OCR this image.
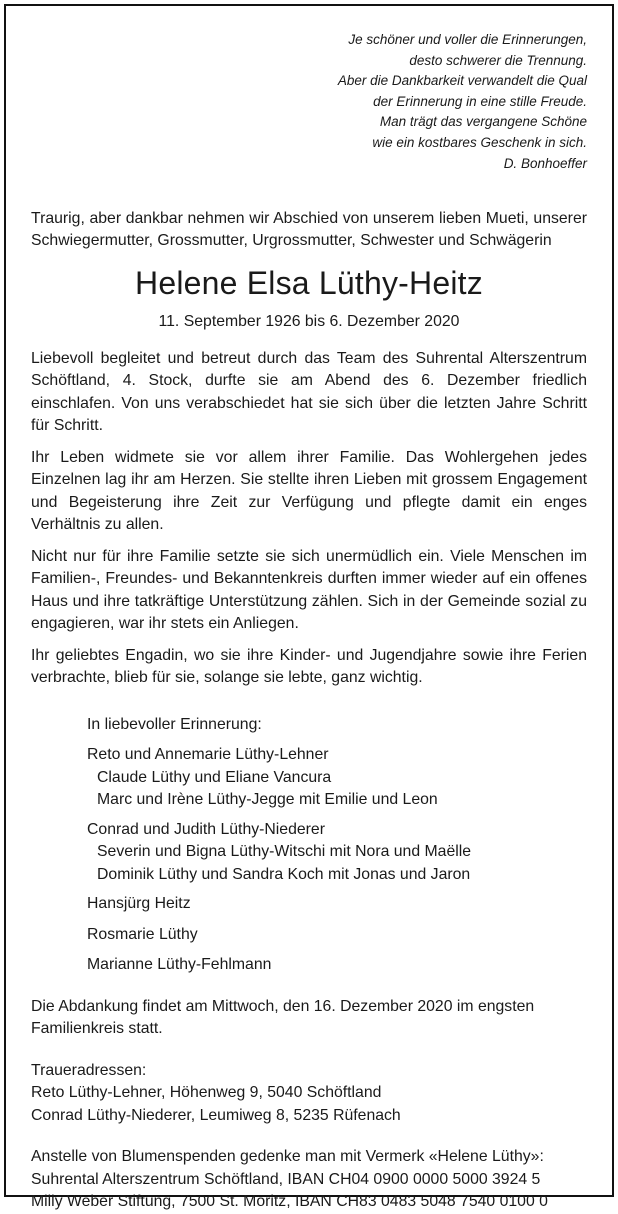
Je schöner und voller die Erinnerungen,
desto schwerer die Trennung.
Aber die Dankbarkeit verwandelt die Qual
der Erinnerung in eine stille Freude.
Man trägt das vergangene Schöne
wie ein kostbares Geschenk in sich.
D. Bonhoeffer
Traurig, aber dankbar nehmen wir Abschied von unserem lieben Mueti, unserer Schwiegermutter, Grossmutter, Urgrossmutter, Schwester und Schwägerin
Helene Elsa Lüthy-Heitz
11. September 1926 bis 6. Dezember 2020

Liebevoll begleitet und betreut durch das Team des Suhrental Alterszentrum Schöftland, 4. Stock, durfte sie am Abend des 6. Dezember friedlich einschlafen. Von uns verabschiedet hat sie sich über die letzten Jahre Schritt für Schritt.

Ihr Leben widmete sie vor allem ihrer Familie. Das Wohlergehen jedes Einzelnen lag ihr am Herzen. Sie stellte ihren Lieben mit grossem Engagement und Begeisterung ihre Zeit zur Verfügung und pflegte damit ein enges Verhältnis zu allen.

Nicht nur für ihre Familie setzte sie sich unermüdlich ein. Viele Menschen im Familien-, Freundes- und Bekanntenkreis durften immer wieder auf ein offenes Haus und ihre tatkräftige Unterstützung zählen. Sich in der Gemeinde sozial zu engagieren, war ihr stets ein Anliegen.

Ihr geliebtes Engadin, wo sie ihre Kinder- und Jugendjahre sowie ihre Ferien verbrachte, blieb für sie, solange sie lebte, ganz wichtig.

In liebevoller Erinnerung:
Reto und Annemarie Lüthy-Lehner
Claude Lüthy und Eliane Vancura
Marc und Irène Lüthy-Jegge mit Emilie und Leon
Conrad und Judith Lüthy-Niederer
Severin und Bigna Lüthy-Witschi mit Nora und Maëlle
Dominik Lüthy und Sandra Koch mit Jonas und Jaron
Hansjürg Heitz
Rosmarie Lüthy
Marianne Lüthy-Fehlmann
Die Abdankung findet am Mittwoch, den 16. Dezember 2020 im engsten Familienkreis statt.
Traueradressen:
Reto Lüthy-Lehner, Höhenweg 9, 5040 Schöftland
Conrad Lüthy-Niederer, Leumiweg 8, 5235 Rüfenach
Anstelle von Blumenspenden gedenke man mit Vermerk «Helene Lüthy»:
Suhrental Alterszentrum Schöftland, IBAN CH04 0900 0000 5000 3924 5
Milly Weber Stiftung, 7500 St. Moritz, IBAN CH83 0483 5048 7540 0100 0
